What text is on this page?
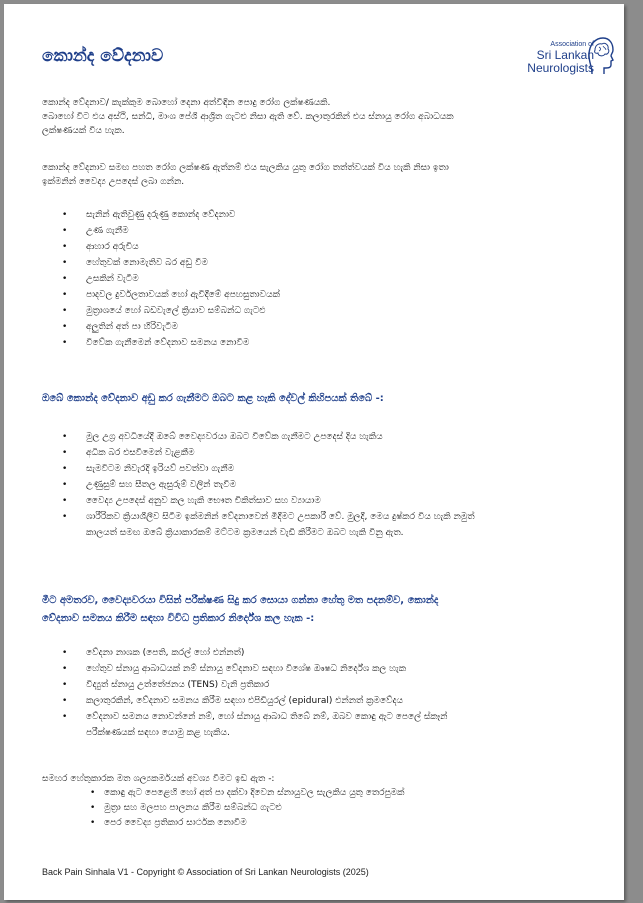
කොන්ද වේදනාව
Association of
Sri Lankan
Neurologists

කොන්ද වේදනාව/ කැක්කුම බොහෝ දෙනා අත්විඳින පොදු රෝග ලක්ෂණයකි.
බොහෝ විට එය අස්ථි, සන්ධි, මාංශ පේශි ආශ්‍රිත ගැටළු නිසා ඇති වේ. කලාතුරකින් එය ස්නායු රෝග අබාධයක
ලක්ෂණයක් විය හැක.

කොන්ද වේදනාව සමඟ පහත රෝග ලක්ෂණ ඇත්නම් එය සැලකිය යුතු රෝග තත්ත්වයක් විය හැකි නිසා ඉතා
ඉක්මනින් වෛද්‍ය උපදෙස් ලබා ගන්න.

• සැනින් ඇතිවුණු දරුණු කොන්ද වේදනාව
• උණ ගැනීම
• ආහාර අරුචිය
• හේතුවක් නොමැතිව බර අඩු වීම
• උසකින් වැටීම
• පාදවල දුර්වලතාවයක් හෝ ඇවිදීමේ අපහසුතාවයක්
• මුත්‍රාශයේ හෝ බඩවැලේ ක්‍රියාව සම්බන්ධ ගැටළු
• අලුතින් අත් පා හිරිවැටීම
• විවේක ගැනීමෙන් වේදනාව සමනය නොවීම
ඔබේ කොන්ද වේදනාව අඩු කර ගැනීමට ඔබට කළ හැකි දේවල් කිහිපයක් තිබේ -:
• මුල උග්‍ර අවධියේදී ඔබේ වෛද්‍යවරයා ඔබට විවේක ගැනීමට උපදෙස් දිය හැකිය
• අධික බර එසවීමෙන් වැළකීම
• සැමවිටම නිවැරදි ඉරියව් පවත්වා ගැනීම
• උණුසුම් සහ සීතල ඇසුරුම් වලින් තැවීම
• වෛද්‍ය උපදෙස් අනුව කල හැකි භෞත චිකිත්සාව සහ ව්‍යායාම
• ශාරීරිකව ක්‍රියාශීලීව සිටීම ඉක්මනින් වේදනාවෙන් මිදීමට උපකාරී වේ. මුලදී, මෙය දුෂ්කර විය හැකි නමුත්
කාලයත් සමඟ ඔබේ ක්‍රියාකාරකම් මට්ටම ක්‍රමයෙන් වැඩි කිරීමට ඔබට හැකි විනු ඇත.
මීට අමතරව, වෛද්‍යවරයා විසින් පරීක්ෂණ සිදු කර සොයා ගන්නා හේතු මත පදනම්ව, කොන්ද
වේදනාව සමනය කිරීම සඳහා විවිධ ප්‍රතිකාර නිර්දේශ කල හැක -:
• වේදනා නාශක (පෙති, කරල් හෝ එන්නත්)
• හේතුව ස්නායු ආබාධයක් නම් ස්නායු වේදනාව සඳහා විශේෂ ඖෂධ නිර්දේශ කල හැක
• විද්‍යුත් ස්නායු උත්තේජනය (TENS) වැනි ප්‍රතිකාර
• කලාතුරකින්, වේදනාව සමනය කිරීම සඳහා එපිඩියුරල් (epidural) එන්නත් ක්‍රමවේදය
• වේදනාව සමනය නොවන්නේ නම්, හෝ ස්නායු ආබාධ තිබේ නම්, ඔබව කොඳු ඇට පෙලේ ස්කෑන්
පරීක්ෂණයක් සඳහා යොමු කළ හැකිය.

සමහර හේතුකාරක මත ශල්‍යකර්මයක් අවශ්‍ය වීමට ඉඩ ඇත -:

• කොඳු ඇට පෙළෙහි හෝ අත් පා දක්වා දිවෙන ස්නායුවල සැලකිය යුතු තෙරපුමක්
• මුත්‍රා සහ මලපහ පාලනය කිරීම සම්බන්ධ ගැටළු
• පෙර වෛද්‍ය ප්‍රතිකාර සාර්ථක නොවීම

Back Pain Sinhala V1 - Copyright © Association of Sri Lankan Neurologists (2025)
